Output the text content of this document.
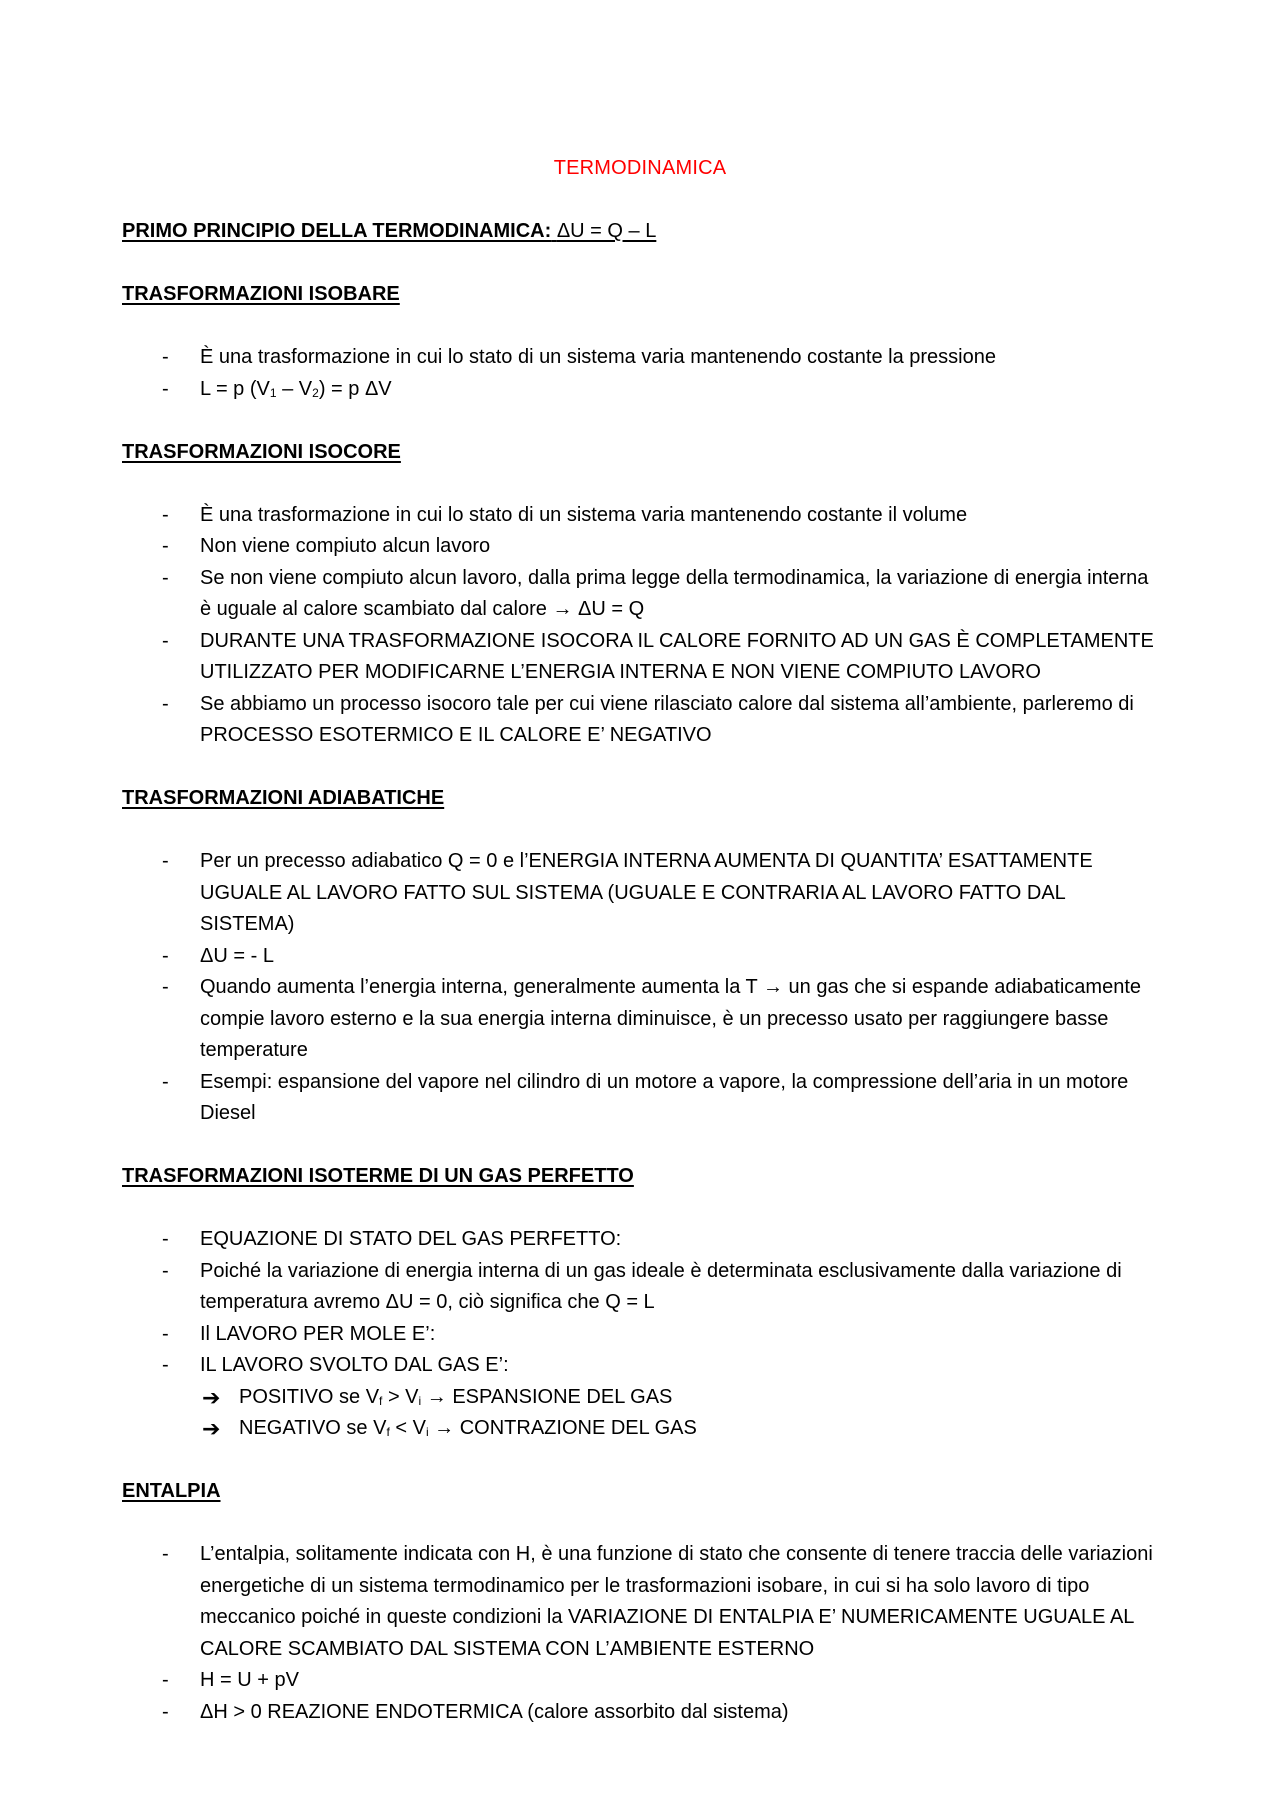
TERMODINAMICA

PRIMO PRINCIPIO DELLA TERMODINAMICA: ΔU = Q – L

TRASFORMAZIONI ISOBARE

- È una trasformazione in cui lo stato di un sistema varia mantenendo costante la pressione
- L = p $(V_1 - V_2) = p$ ΔV

TRASFORMAZIONI ISOCORE

- È una trasformazione in cui lo stato di un sistema varia mantenendo costante il volume
- Non viene compiuto alcun lavoro
- Se non viene compiuto alcun lavoro, dalla prima legge della termodinamica, la variazione di energia interna è uguale al calore scambiato dal calore → ΔU = Q
- DURANTE UNA TRASFORMAZIONE ISOCORA IL CALORE FORNITO AD UN GAS È COMPLETAMENTE UTILIZZATO PER MODIFICARNE L’ENERGIA INTERNA E NON VIENE COMPIUTO LAVORO
- Se abbiamo un processo isocoro tale per cui viene rilasciato calore dal sistema all’ambiente, parleremo di PROCESSO ESOTERMICO E IL CALORE E’ NEGATIVO

TRASFORMAZIONI ADIABATICHE

- Per un precesso adiabatico Q = 0 e l’ENERGIA INTERNA AUMENTA DI QUANTITA’ ESATTAMENTE UGUALE AL LAVORO FATTO SUL SISTEMA (UGUALE E CONTRARIA AL LAVORO FATTO DAL SISTEMA)
- ΔU = - L
- Quando aumenta l’energia interna, generalmente aumenta la T → un gas che si espande adiabaticamente compie lavoro esterno e la sua energia interna diminuisce, è un precesso usato per raggiungere basse temperature
- Esempi: espansione del vapore nel cilindro di un motore a vapore, la compressione dell’aria in un motore Diesel

TRASFORMAZIONI ISOTERME DI UN GAS PERFETTO

- EQUAZIONE DI STATO DEL GAS PERFETTO:
- Poiché la variazione di energia interna di un gas ideale è determinata esclusivamente dalla variazione di temperatura avremo ΔU = 0, ciò significa che Q = L
- Il LAVORO PER MOLE E’:
- IL LAVORO SVOLTO DAL GAS E’:
➔ POSITIVO se $V_f > V_i$ → ESPANSIONE DEL GAS
➔ NEGATIVO se $V_f < V_i$ → CONTRAZIONE DEL GAS

ENTALPIA

- L’entalpia, solitamente indicata con H, è una funzione di stato che consente di tenere traccia delle variazioni energetiche di un sistema termodinamico per le trasformazioni isobare, in cui si ha solo lavoro di tipo meccanico poiché in queste condizioni la VARIAZIONE DI ENTALPIA E’ NUMERICAMENTE UGUALE AL CALORE SCAMBIATO DAL SISTEMA CON L’AMBIENTE ESTERNO
- H = U + pV
- ΔH > 0 REAZIONE ENDOTERMICA (calore assorbito dal sistema)
